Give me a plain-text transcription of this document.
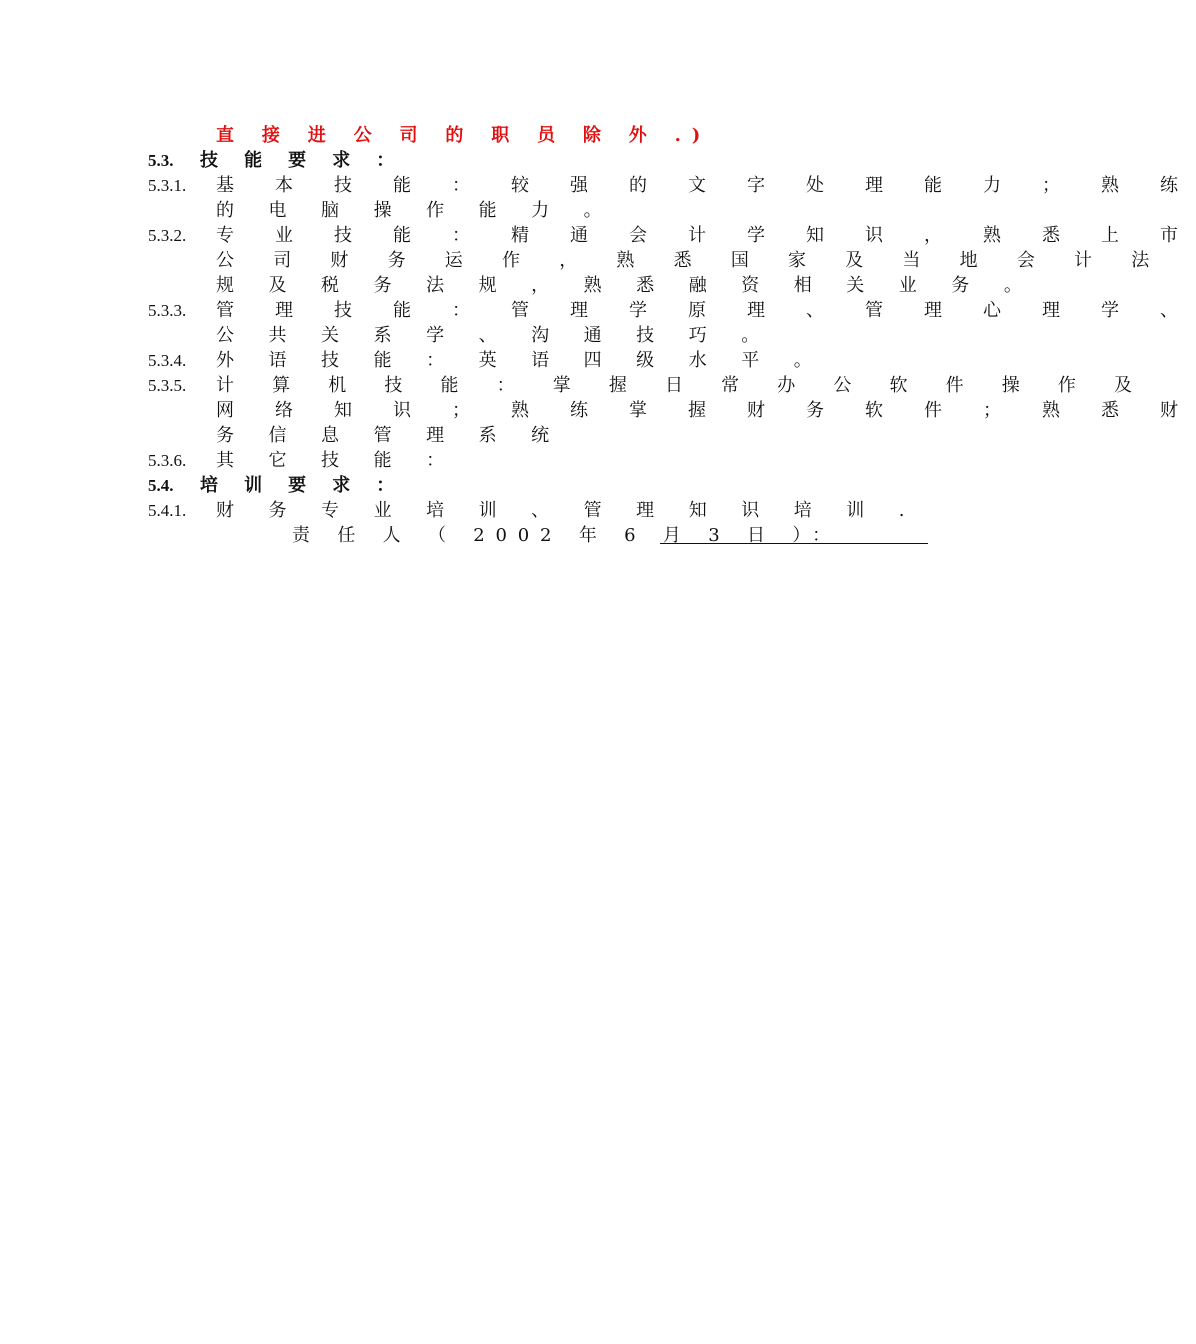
直 接 进 公 司 的 职 员 除 外 .)
5.3. 技 能 要 求 ：
5.3.1. 基 本 技 能 ： 较 强 的 文 字 处 理 能 力 ； 熟 练
的 电 脑 操 作 能 力 。
5.3.2. 专 业 技 能 ： 精 通 会 计 学 知 识 ， 熟 悉 上 市
公 司 财 务 运 作 ， 熟 悉 国 家 及 当 地 会 计 法
规 及 税 务 法 规 ， 熟 悉 融 资 相 关 业 务 。
5.3.3. 管 理 技 能 ： 管 理 学 原 理 、 管 理 心 理 学 、
公 共 关 系 学 、 沟 通 技 巧 。
5.3.4. 外 语 技 能 ： 英 语 四 级 水 平 。
5.3.5. 计 算 机 技 能 ： 掌 握 日 常 办 公 软 件 操 作 及
网 络 知 识 ； 熟 练 掌 握 财 务 软 件 ； 熟 悉 财
务 信 息 管 理 系 统
5.3.6. 其 它 技 能 ：
5.4. 培 训 要 求 ：
5.4.1. 财 务 专 业 培 训 、 管 理 知 识 培 训 .
责 任 人 （ 2002 年 6 月 3 日 ）：
